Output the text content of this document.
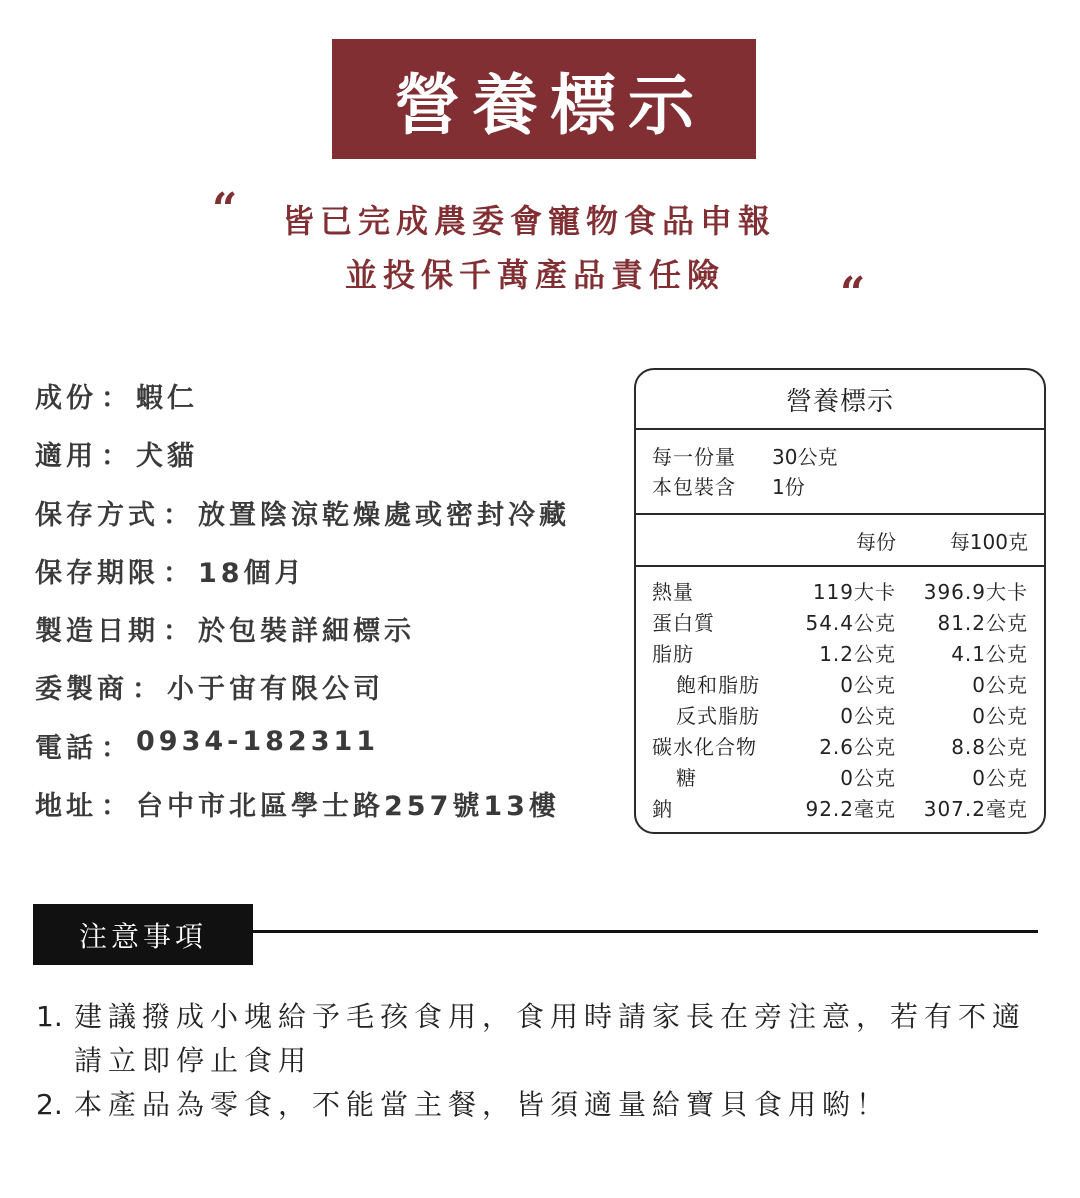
營養標示
“ 皆已完成農委會寵物食品申報
並投保千萬產品責任險	“
成份 ： 蝦仁
適用 ： 犬貓
保存方式 ： 放置陰涼乾燥處或密封冷藏
保存期限 ： 18個月
製造日期 ： 於包裝詳細標示
委製商 ： 小于宙有限公司
電話 ： 0934-182311
地址 ： 台中市北區學士路257號13樓
營養標示
每一份量	30公克
本包裝含	1份
每份	每100克
熱量	119大卡	396.9大卡
蛋白質	54.4公克	81.2公克
脂肪	1.2公克	4.1公克
飽和脂肪	0公克	0公克
反式脂肪	0公克	0公克
碳水化合物	2.6公克	8.8公克
糖	0公克	0公克
鈉	92.2毫克	307.2毫克
注意事項
1. 建議撥成小塊給予毛孩食用，食用時請家長在旁注意，若有不適請立即停止食用
2. 本產品為零食，不能當主餐，皆須適量給寶貝食用喲！
